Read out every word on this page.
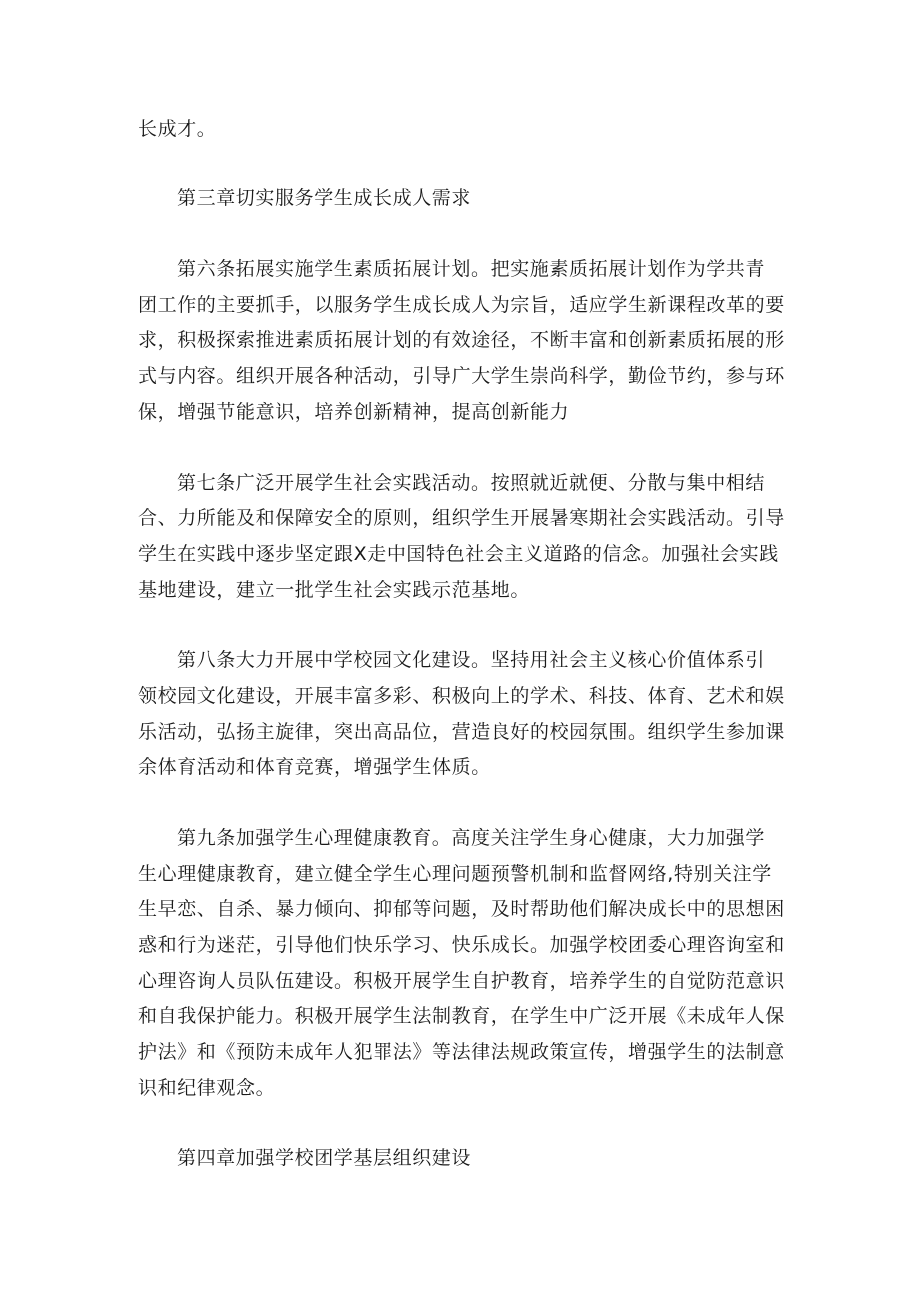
长成才。
第三章切实服务学生成长成人需求
第六条拓展实施学生素质拓展计划。把实施素质拓展计划作为学共青
团工作的主要抓手，以服务学生成长成人为宗旨，适应学生新课程改革的要
求，积极探索推进素质拓展计划的有效途径，不断丰富和创新素质拓展的形
式与内容。组织开展各种活动，引导广大学生崇尚科学，勤俭节约，参与环
保，增强节能意识，培养创新精神，提高创新能力
第七条广泛开展学生社会实践活动。按照就近就便、分散与集中相结
合、力所能及和保障安全的原则，组织学生开展暑寒期社会实践活动。引导
学生在实践中逐步坚定跟X走中国特色社会主义道路的信念。加强社会实践
基地建设，建立一批学生社会实践示范基地。
第八条大力开展中学校园文化建设。坚持用社会主义核心价值体系引
领校园文化建设，开展丰富多彩、积极向上的学术、科技、体育、艺术和娱
乐活动，弘扬主旋律，突出高品位，营造良好的校园氛围。组织学生参加课
余体育活动和体育竞赛，增强学生体质。
第九条加强学生心理健康教育。高度关注学生身心健康，大力加强学
生心理健康教育，建立健全学生心理问题预警机制和监督网络,特别关注学
生早恋、自杀、暴力倾向、抑郁等问题，及时帮助他们解决成长中的思想困
惑和行为迷茫，引导他们快乐学习、快乐成长。加强学校团委心理咨询室和
心理咨询人员队伍建设。积极开展学生自护教育，培养学生的自觉防范意识
和自我保护能力。积极开展学生法制教育，在学生中广泛开展《未成年人保
护法》和《预防未成年人犯罪法》等法律法规政策宣传，增强学生的法制意
识和纪律观念。
第四章加强学校团学基层组织建设
